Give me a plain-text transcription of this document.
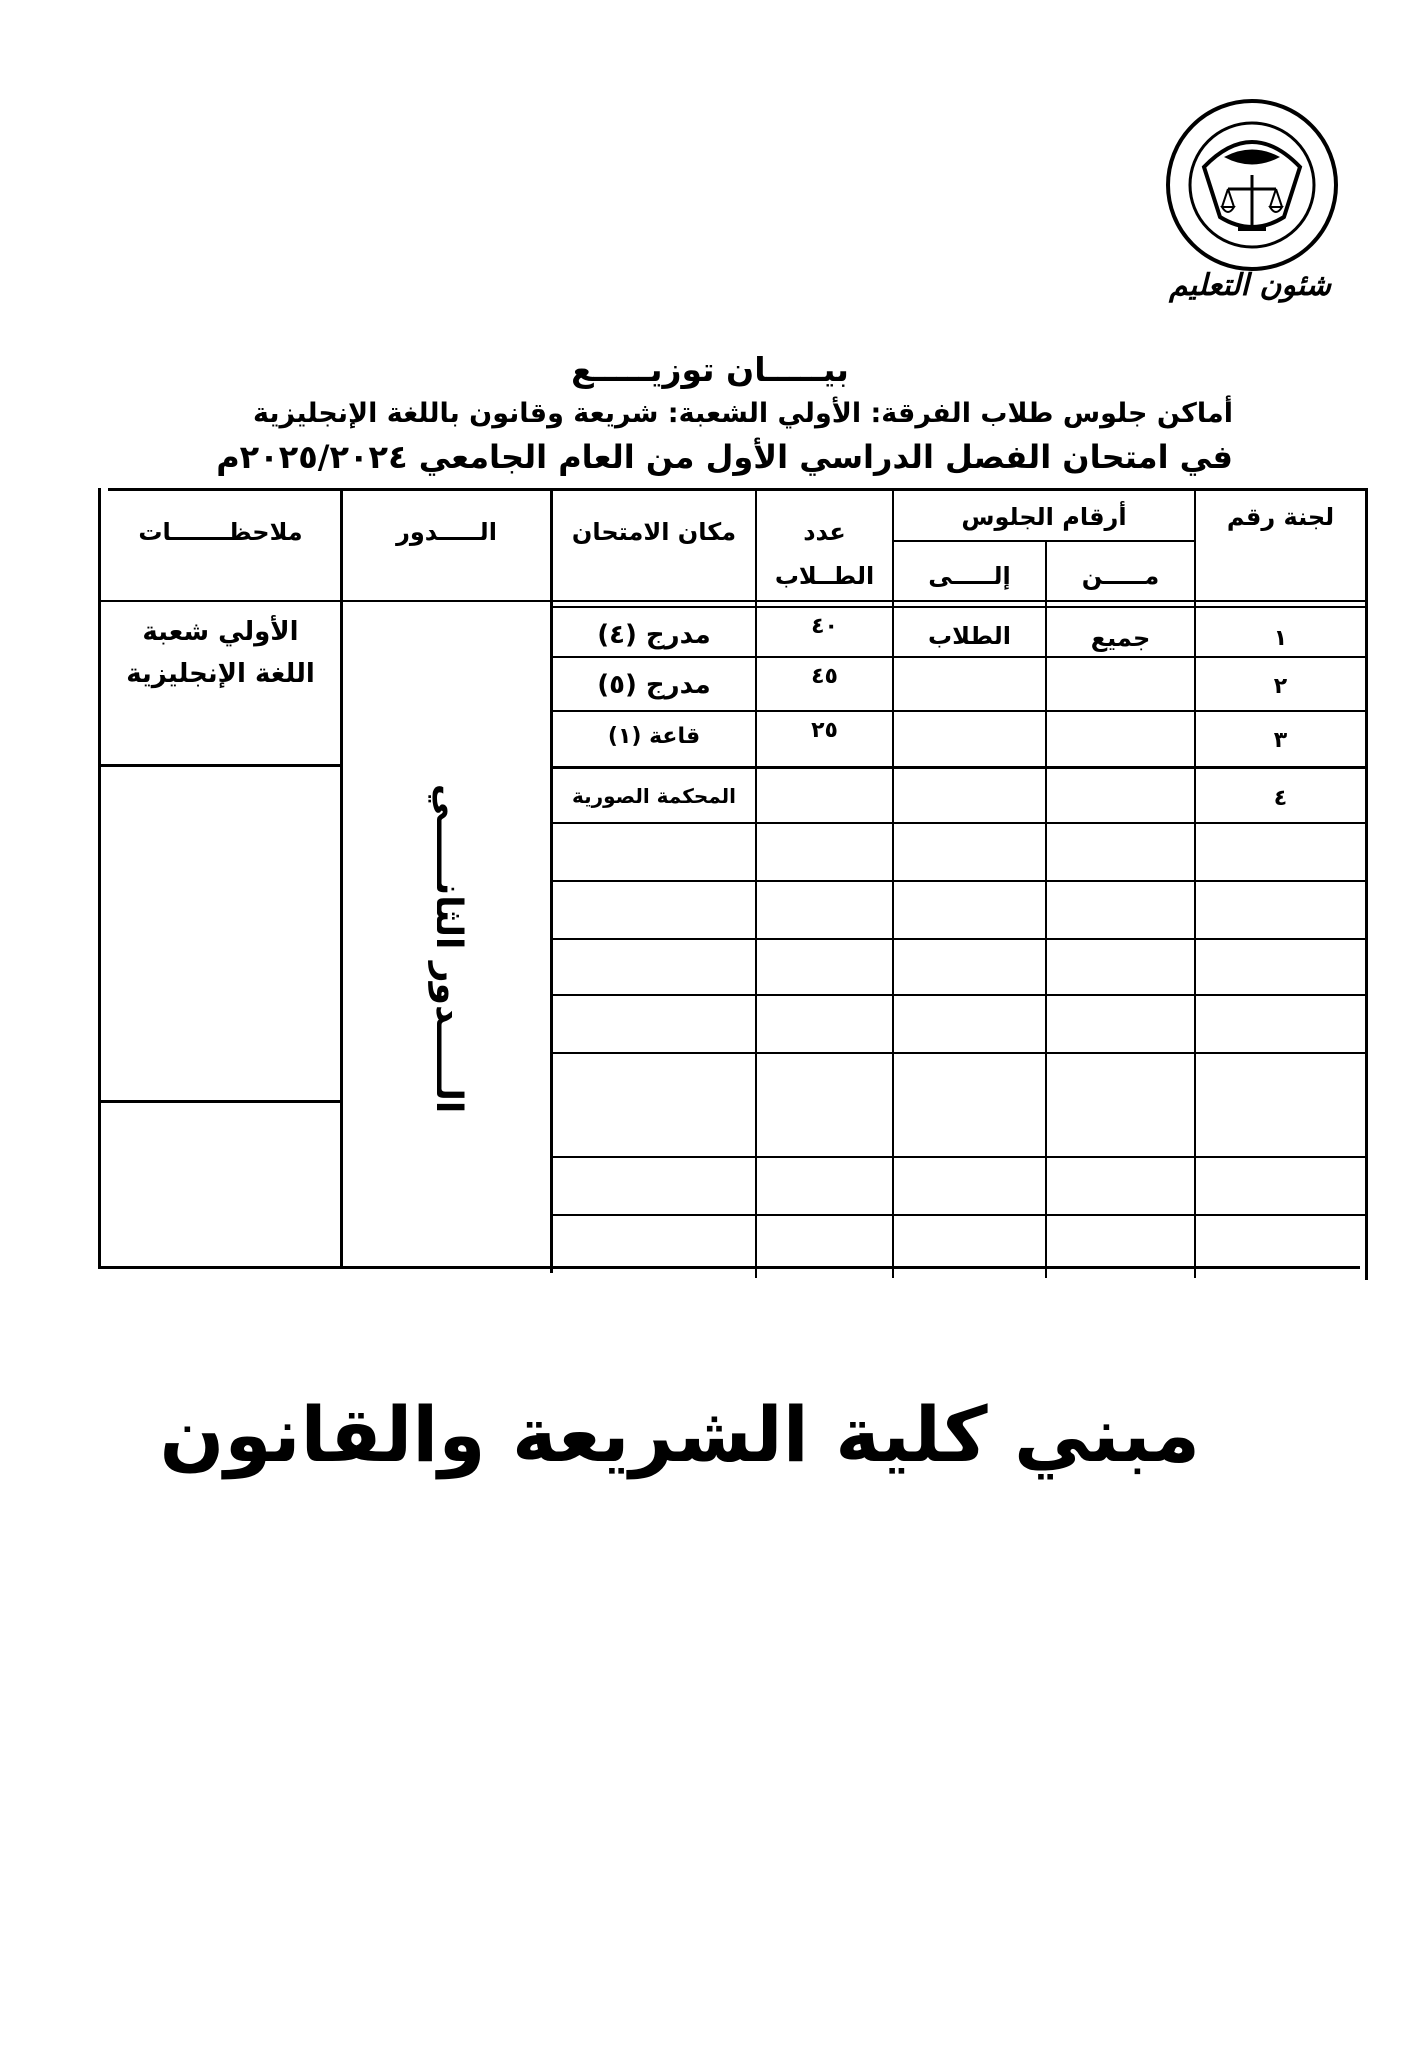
شئون التعليم
بيـــــان توزيـــــع
أماكن جلوس طلاب الفرقة: الأولي الشعبة: شريعة وقانون باللغة الإنجليزية
في امتحان الفصل الدراسي الأول من العام الجامعي ٢٠٢٥/٢٠٢٤م
لجنة رقم
أرقام الجلوس
مـــــن
إلـــــى
عدد
الطــلاب
مكان الامتحان
الـــــدور
ملاحظـــــــات
١
جميع
الطلاب
٤٠
مدرج (٤)
٢
٤٥
مدرج (٥)
٣
٢٥
قاعة (١)
٤
المحكمة الصورية
الـــــدور الثانـــــي
الأولي شعبة
اللغة الإنجليزية
مبني كلية الشريعة والقانون
